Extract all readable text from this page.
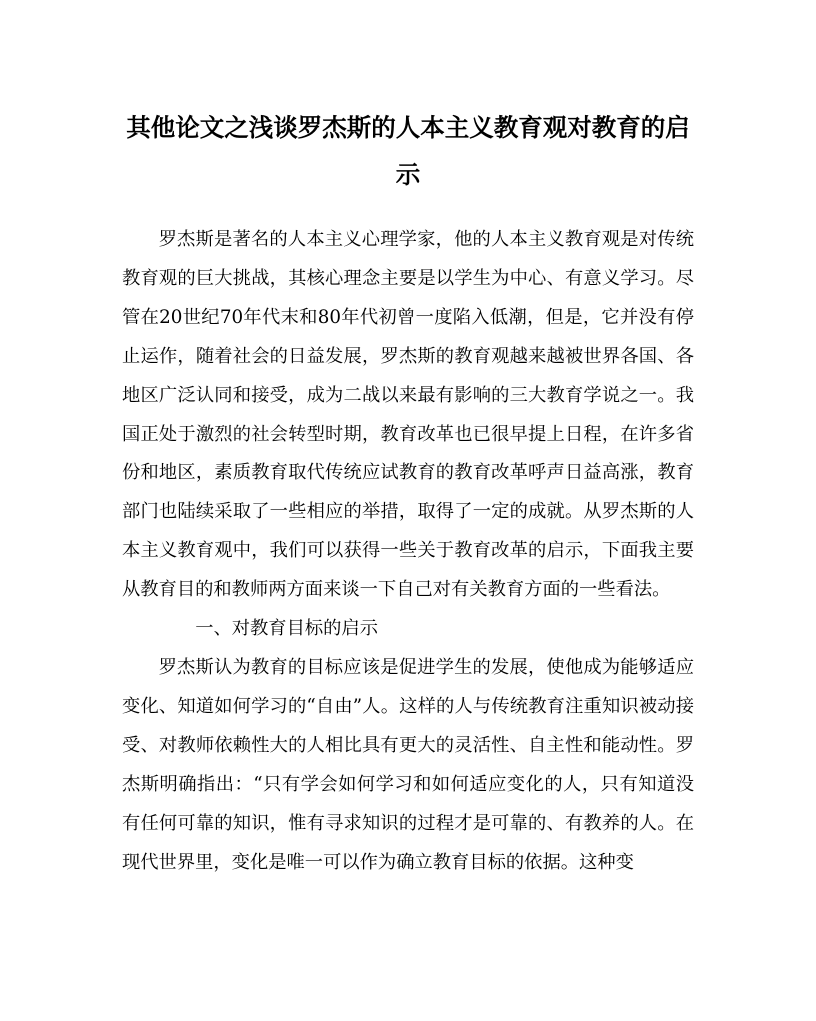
其他论文之浅谈罗杰斯的人本主义教育观对教育的启示

罗杰斯是著名的人本主义心理学家，他的人本主义教育观是对传统教育观的巨大挑战，其核心理念主要是以学生为中心、有意义学习。尽管在20世纪70年代末和80年代初曾一度陷入低潮，但是，它并没有停止运作，随着社会的日益发展，罗杰斯的教育观越来越被世界各国、各地区广泛认同和接受，成为二战以来最有影响的三大教育学说之一。我国正处于激烈的社会转型时期，教育改革也已很早提上日程，在许多省份和地区，素质教育取代传统应试教育的教育改革呼声日益高涨，教育部门也陆续采取了一些相应的举措，取得了一定的成就。从罗杰斯的人本主义教育观中，我们可以获得一些关于教育改革的启示，下面我主要从教育目的和教师两方面来谈一下自己对有关教育方面的一些看法。

一、对教育目标的启示

罗杰斯认为教育的目标应该是促进学生的发展，使他成为能够适应变化、知道如何学习的“自由”人。这样的人与传统教育注重知识被动接受、对教师依赖性大的人相比具有更大的灵活性、自主性和能动性。罗杰斯明确指出：“只有学会如何学习和如何适应变化的人，只有知道没有任何可靠的知识，惟有寻求知识的过程才是可靠的、有教养的人。在现代世界里，变化是唯一可以作为确立教育目标的依据。这种变
